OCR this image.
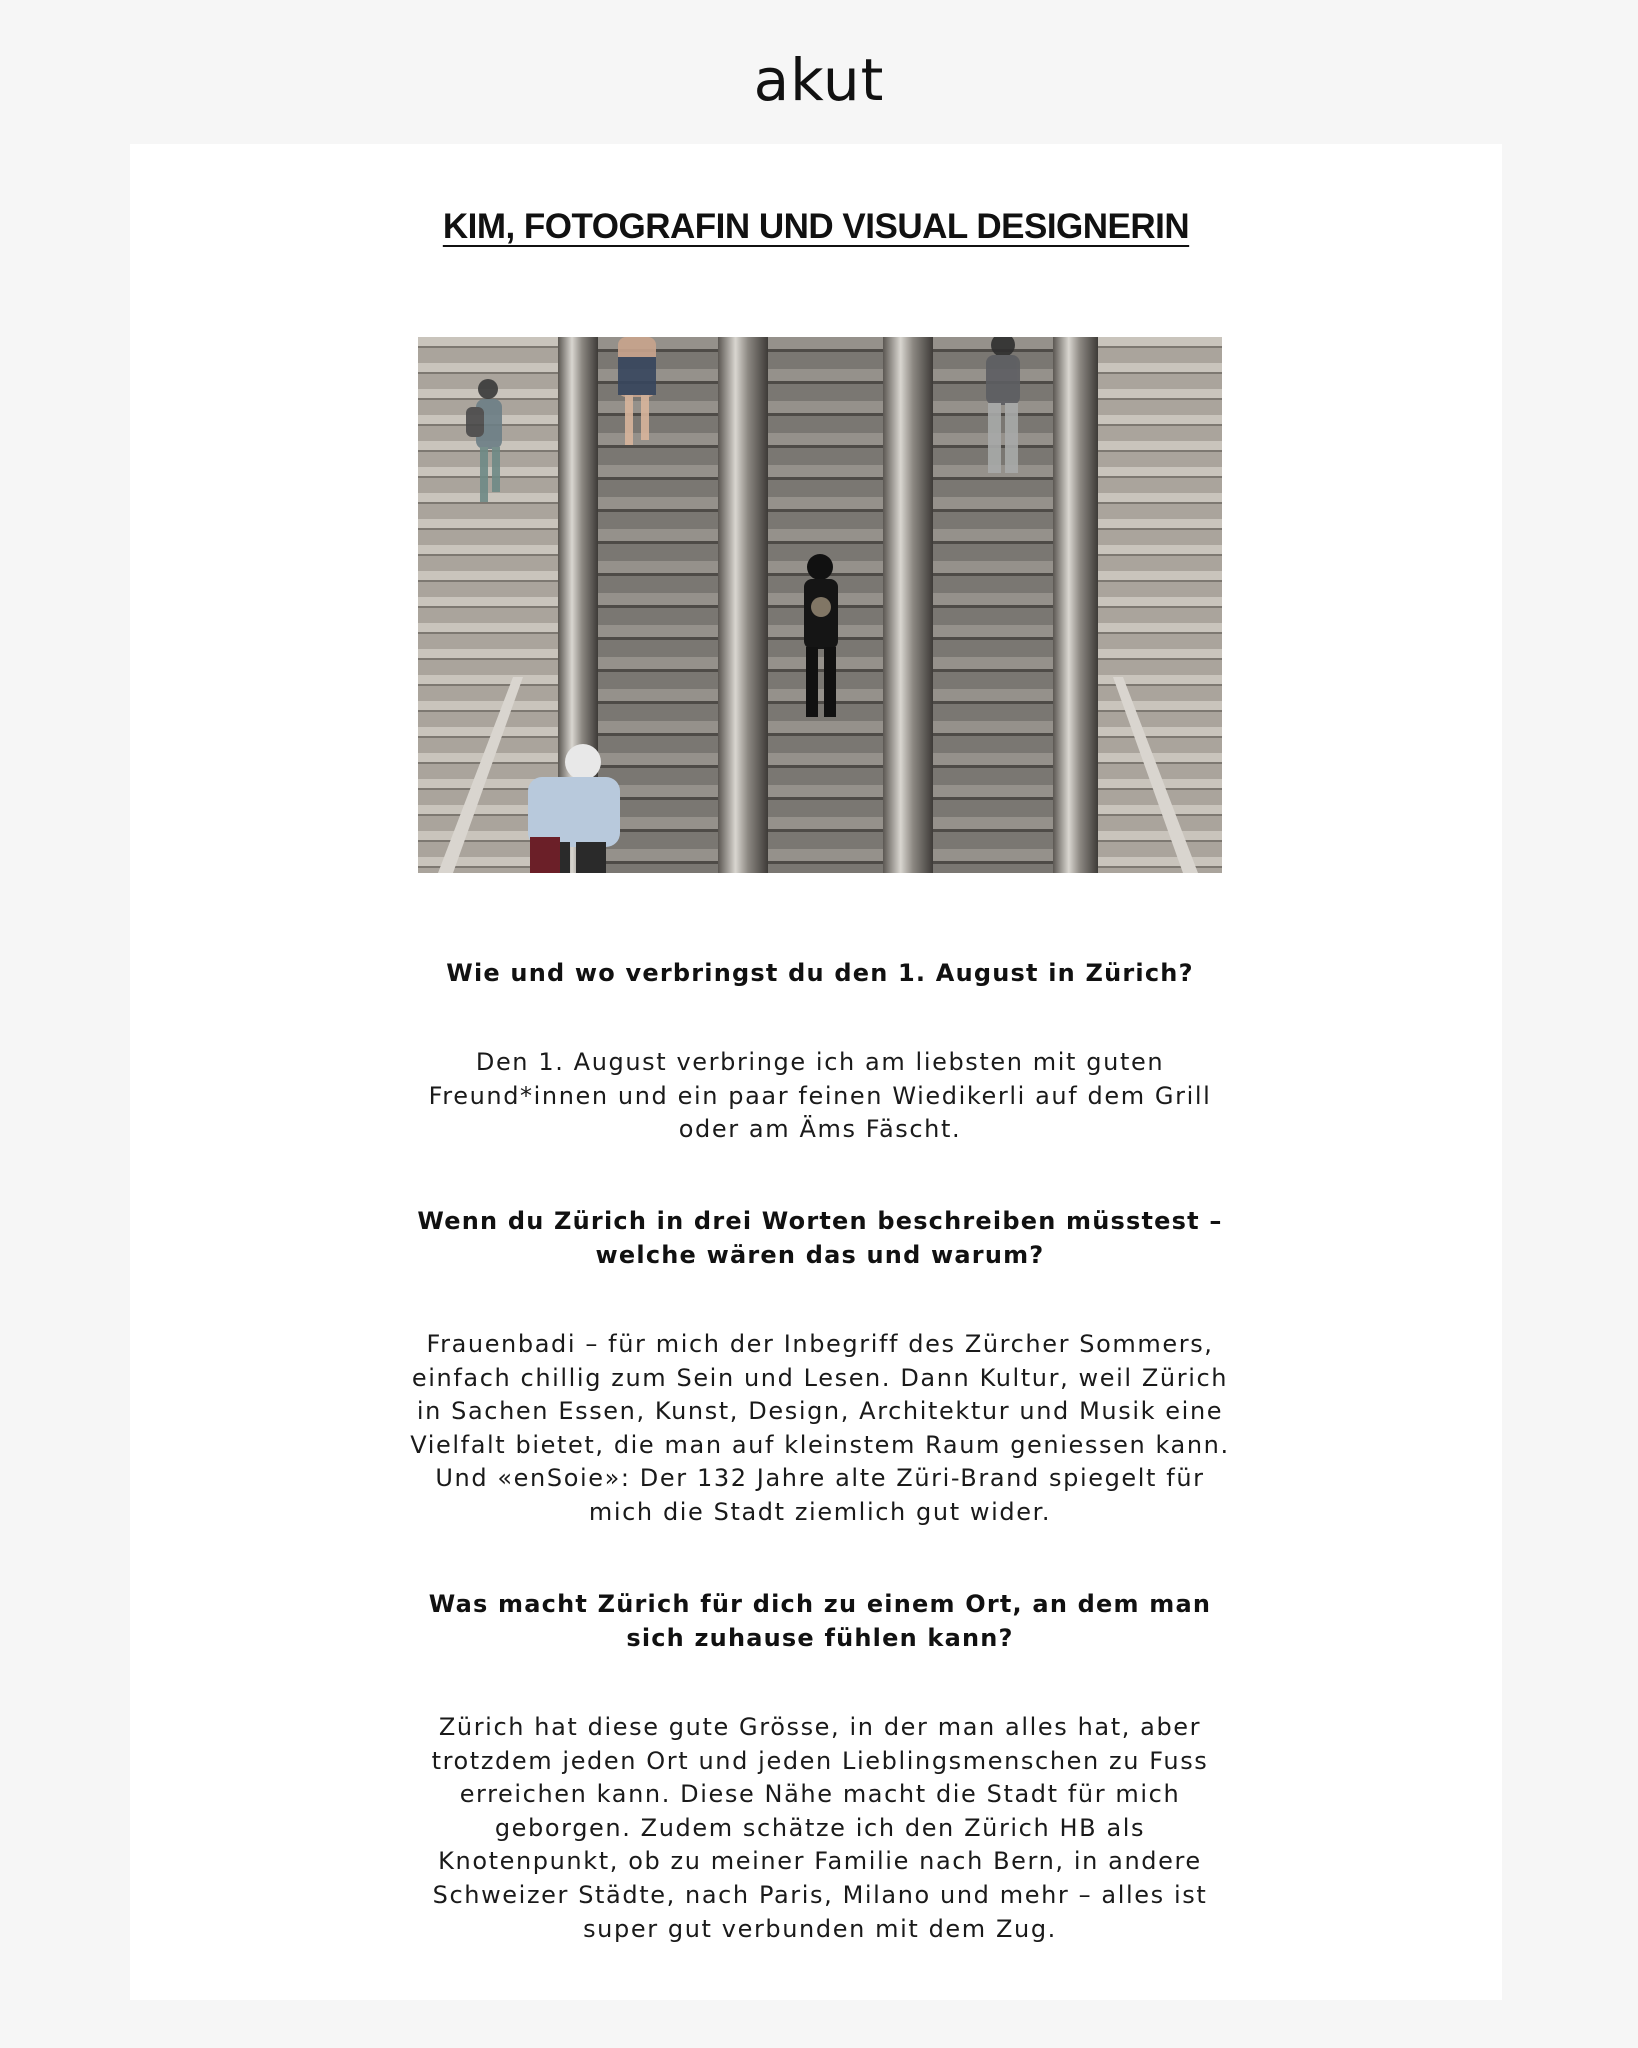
akut
KIM, FOTOGRAFIN UND VISUAL DESIGNERIN
Wie und wo verbringst du den 1. August in Zürich?
Den 1. August verbringe ich am liebsten mit guten Freund*innen und ein paar feinen Wiedikerli auf dem Grill oder am Äms Fäscht.
Wenn du Zürich in drei Worten beschreiben müsstest – welche wären das und warum?
Frauenbadi – für mich der Inbegriff des Zürcher Sommers, einfach chillig zum Sein und Lesen. Dann Kultur, weil Zürich in Sachen Essen, Kunst, Design, Architektur und Musik eine Vielfalt bietet, die man auf kleinstem Raum geniessen kann. Und «enSoie»: Der 132 Jahre alte Züri-Brand spiegelt für mich die Stadt ziemlich gut wider.
Was macht Zürich für dich zu einem Ort, an dem man sich zuhause fühlen kann?
Zürich hat diese gute Grösse, in der man alles hat, aber trotzdem jeden Ort und jeden Lieblingsmenschen zu Fuss erreichen kann. Diese Nähe macht die Stadt für mich geborgen. Zudem schätze ich den Zürich HB als Knotenpunkt, ob zu meiner Familie nach Bern, in andere Schweizer Städte, nach Paris, Milano und mehr – alles ist super gut verbunden mit dem Zug.
